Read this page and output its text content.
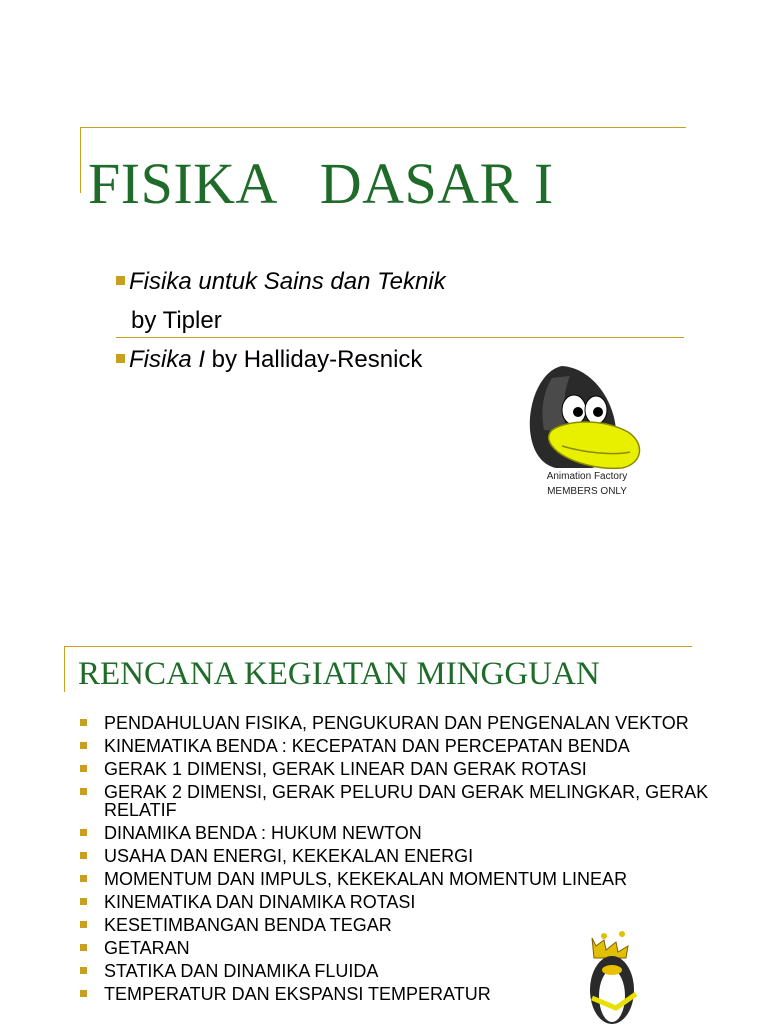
FISIKA   DASAR I
Fisika untuk Sains dan Teknik
by Tipler
Fisika I by Halliday-Resnick
Animation Factory
MEMBERS ONLY
RENCANA KEGIATAN MINGGUAN
PENDAHULUAN FISIKA, PENGUKURAN DAN PENGENALAN VEKTOR
KINEMATIKA BENDA : KECEPATAN DAN PERCEPATAN BENDA
GERAK 1 DIMENSI, GERAK LINEAR DAN GERAK ROTASI
GERAK 2 DIMENSI, GERAK PELURU DAN GERAK MELINGKAR, GERAK RELATIF
DINAMIKA BENDA : HUKUM NEWTON
USAHA DAN ENERGI, KEKEKALAN ENERGI
MOMENTUM DAN IMPULS, KEKEKALAN MOMENTUM LINEAR
KINEMATIKA DAN DINAMIKA ROTASI
KESETIMBANGAN BENDA TEGAR
GETARAN
STATIKA DAN DINAMIKA FLUIDA
TEMPERATUR DAN EKSPANSI TEMPERATUR
